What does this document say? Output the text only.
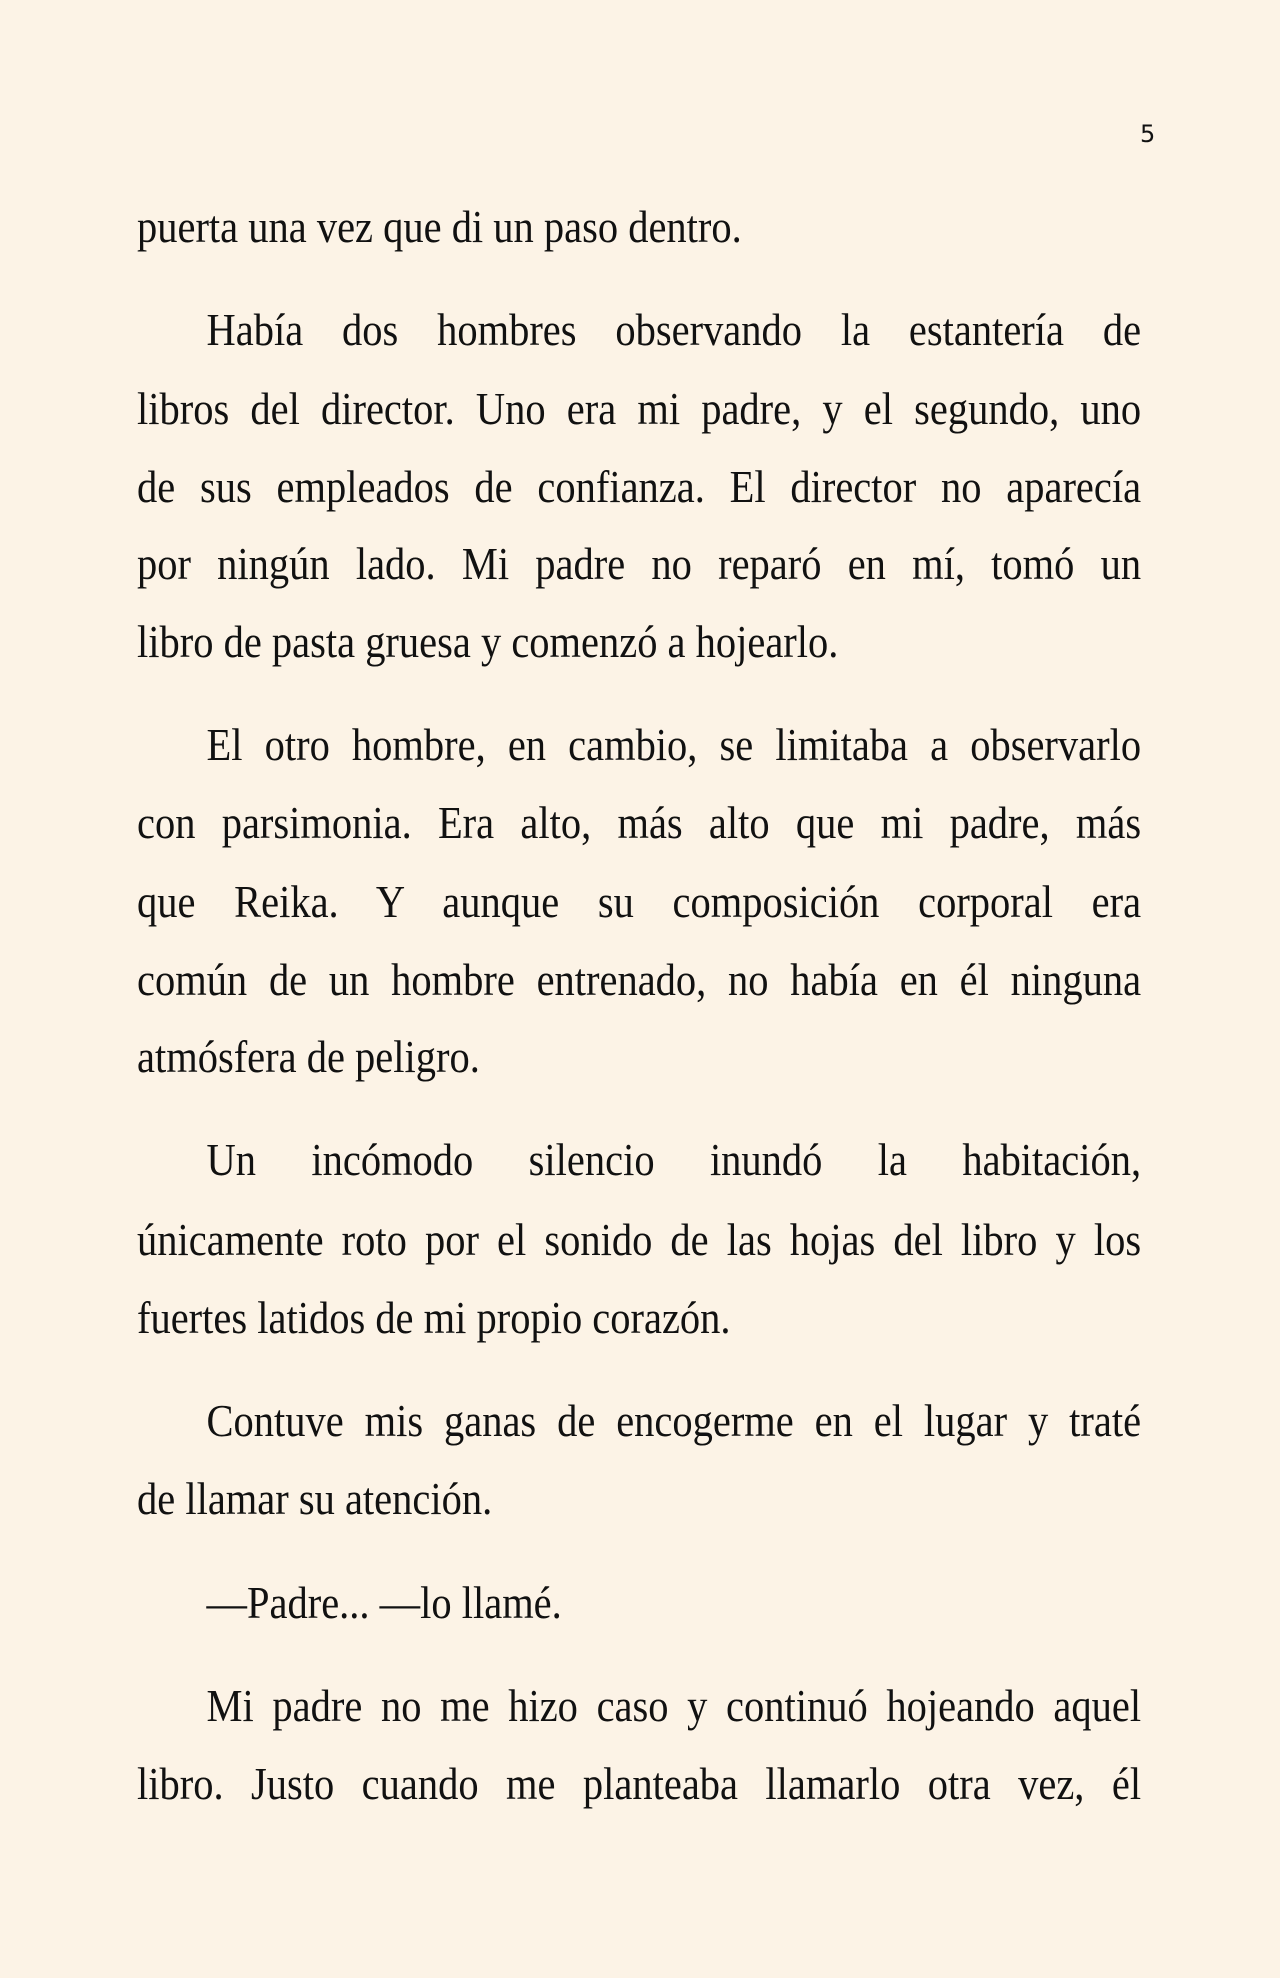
5
puerta una vez que di un paso dentro.
Había dos hombres observando la estantería de
libros del director. Uno era mi padre, y el segundo, uno
de sus empleados de confianza. El director no aparecía
por ningún lado. Mi padre no reparó en mí, tomó un
libro de pasta gruesa y comenzó a hojearlo.
El otro hombre, en cambio, se limitaba a observarlo
con parsimonia. Era alto, más alto que mi padre, más
que Reika. Y aunque su composición corporal era
común de un hombre entrenado, no había en él ninguna
atmósfera de peligro.
Un incómodo silencio inundó la habitación,
únicamente roto por el sonido de las hojas del libro y los
fuertes latidos de mi propio corazón.
Contuve mis ganas de encogerme en el lugar y traté
de llamar su atención.
—Padre... —lo llamé.
Mi padre no me hizo caso y continuó hojeando aquel
libro. Justo cuando me planteaba llamarlo otra vez, él
